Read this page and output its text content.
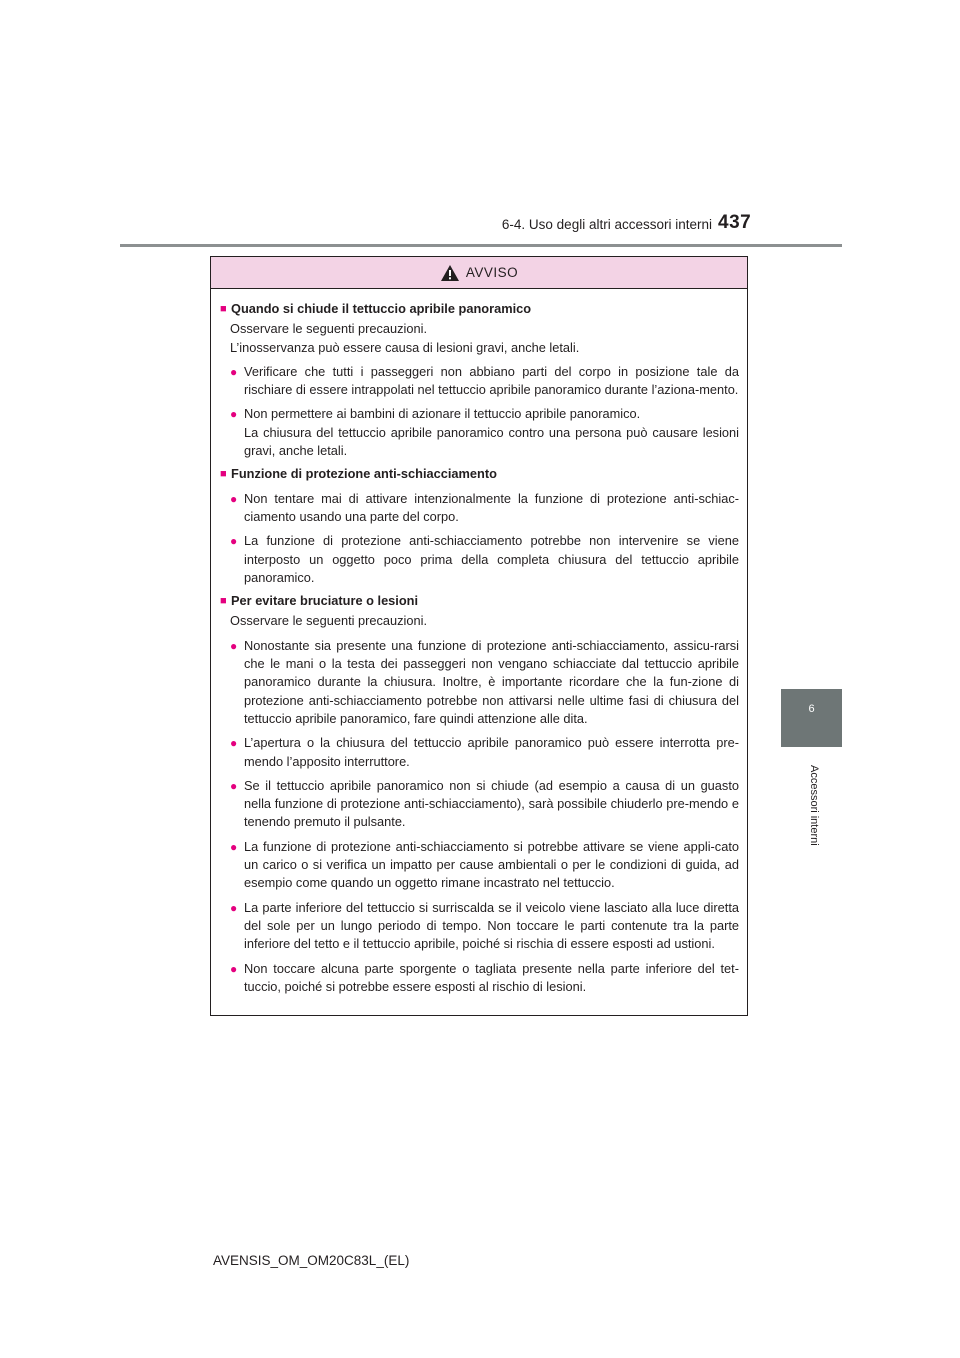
6-4. Uso degli altri accessori interni 437
6
Accessori interni
AVVISO
■ Quando si chiude il tettuccio apribile panoramico
Osservare le seguenti precauzioni.
L’inosservanza può essere causa di lesioni gravi, anche letali.
● Verificare che tutti i passeggeri non abbiano parti del corpo in posizione tale da rischiare di essere intrappolati nel tettuccio apribile panoramico durante l’aziona-mento.
● Non permettere ai bambini di azionare il tettuccio apribile panoramico.
La chiusura del tettuccio apribile panoramico contro una persona può causare lesioni gravi, anche letali.
■ Funzione di protezione anti-schiacciamento
● Non tentare mai di attivare intenzionalmente la funzione di protezione anti-schiac-ciamento usando una parte del corpo.
● La funzione di protezione anti-schiacciamento potrebbe non intervenire se viene interposto un oggetto poco prima della completa chiusura del tettuccio apribile panoramico.
■ Per evitare bruciature o lesioni
Osservare le seguenti precauzioni.
● Nonostante sia presente una funzione di protezione anti-schiacciamento, assicu-rarsi che le mani o la testa dei passeggeri non vengano schiacciate dal tettuccio apribile panoramico durante la chiusura. Inoltre, è importante ricordare che la fun-zione di protezione anti-schiacciamento potrebbe non attivarsi nelle ultime fasi di chiusura del tettuccio apribile panoramico, fare quindi attenzione alle dita.
● L’apertura o la chiusura del tettuccio apribile panoramico può essere interrotta pre-mendo l’apposito interruttore.
● Se il tettuccio apribile panoramico non si chiude (ad esempio a causa di un guasto nella funzione di protezione anti-schiacciamento), sarà possibile chiuderlo pre-mendo e tenendo premuto il pulsante.
● La funzione di protezione anti-schiacciamento si potrebbe attivare se viene appli-cato un carico o si verifica un impatto per cause ambientali o per le condizioni di guida, ad esempio come quando un oggetto rimane incastrato nel tettuccio.
● La parte inferiore del tettuccio si surriscalda se il veicolo viene lasciato alla luce diretta del sole per un lungo periodo di tempo. Non toccare le parti contenute tra la parte inferiore del tetto e il tettuccio apribile, poiché si rischia di essere esposti ad ustioni.
● Non toccare alcuna parte sporgente o tagliata presente nella parte inferiore del tet-tuccio, poiché si potrebbe essere esposti al rischio di lesioni.
AVENSIS_OM_OM20C83L_(EL)
